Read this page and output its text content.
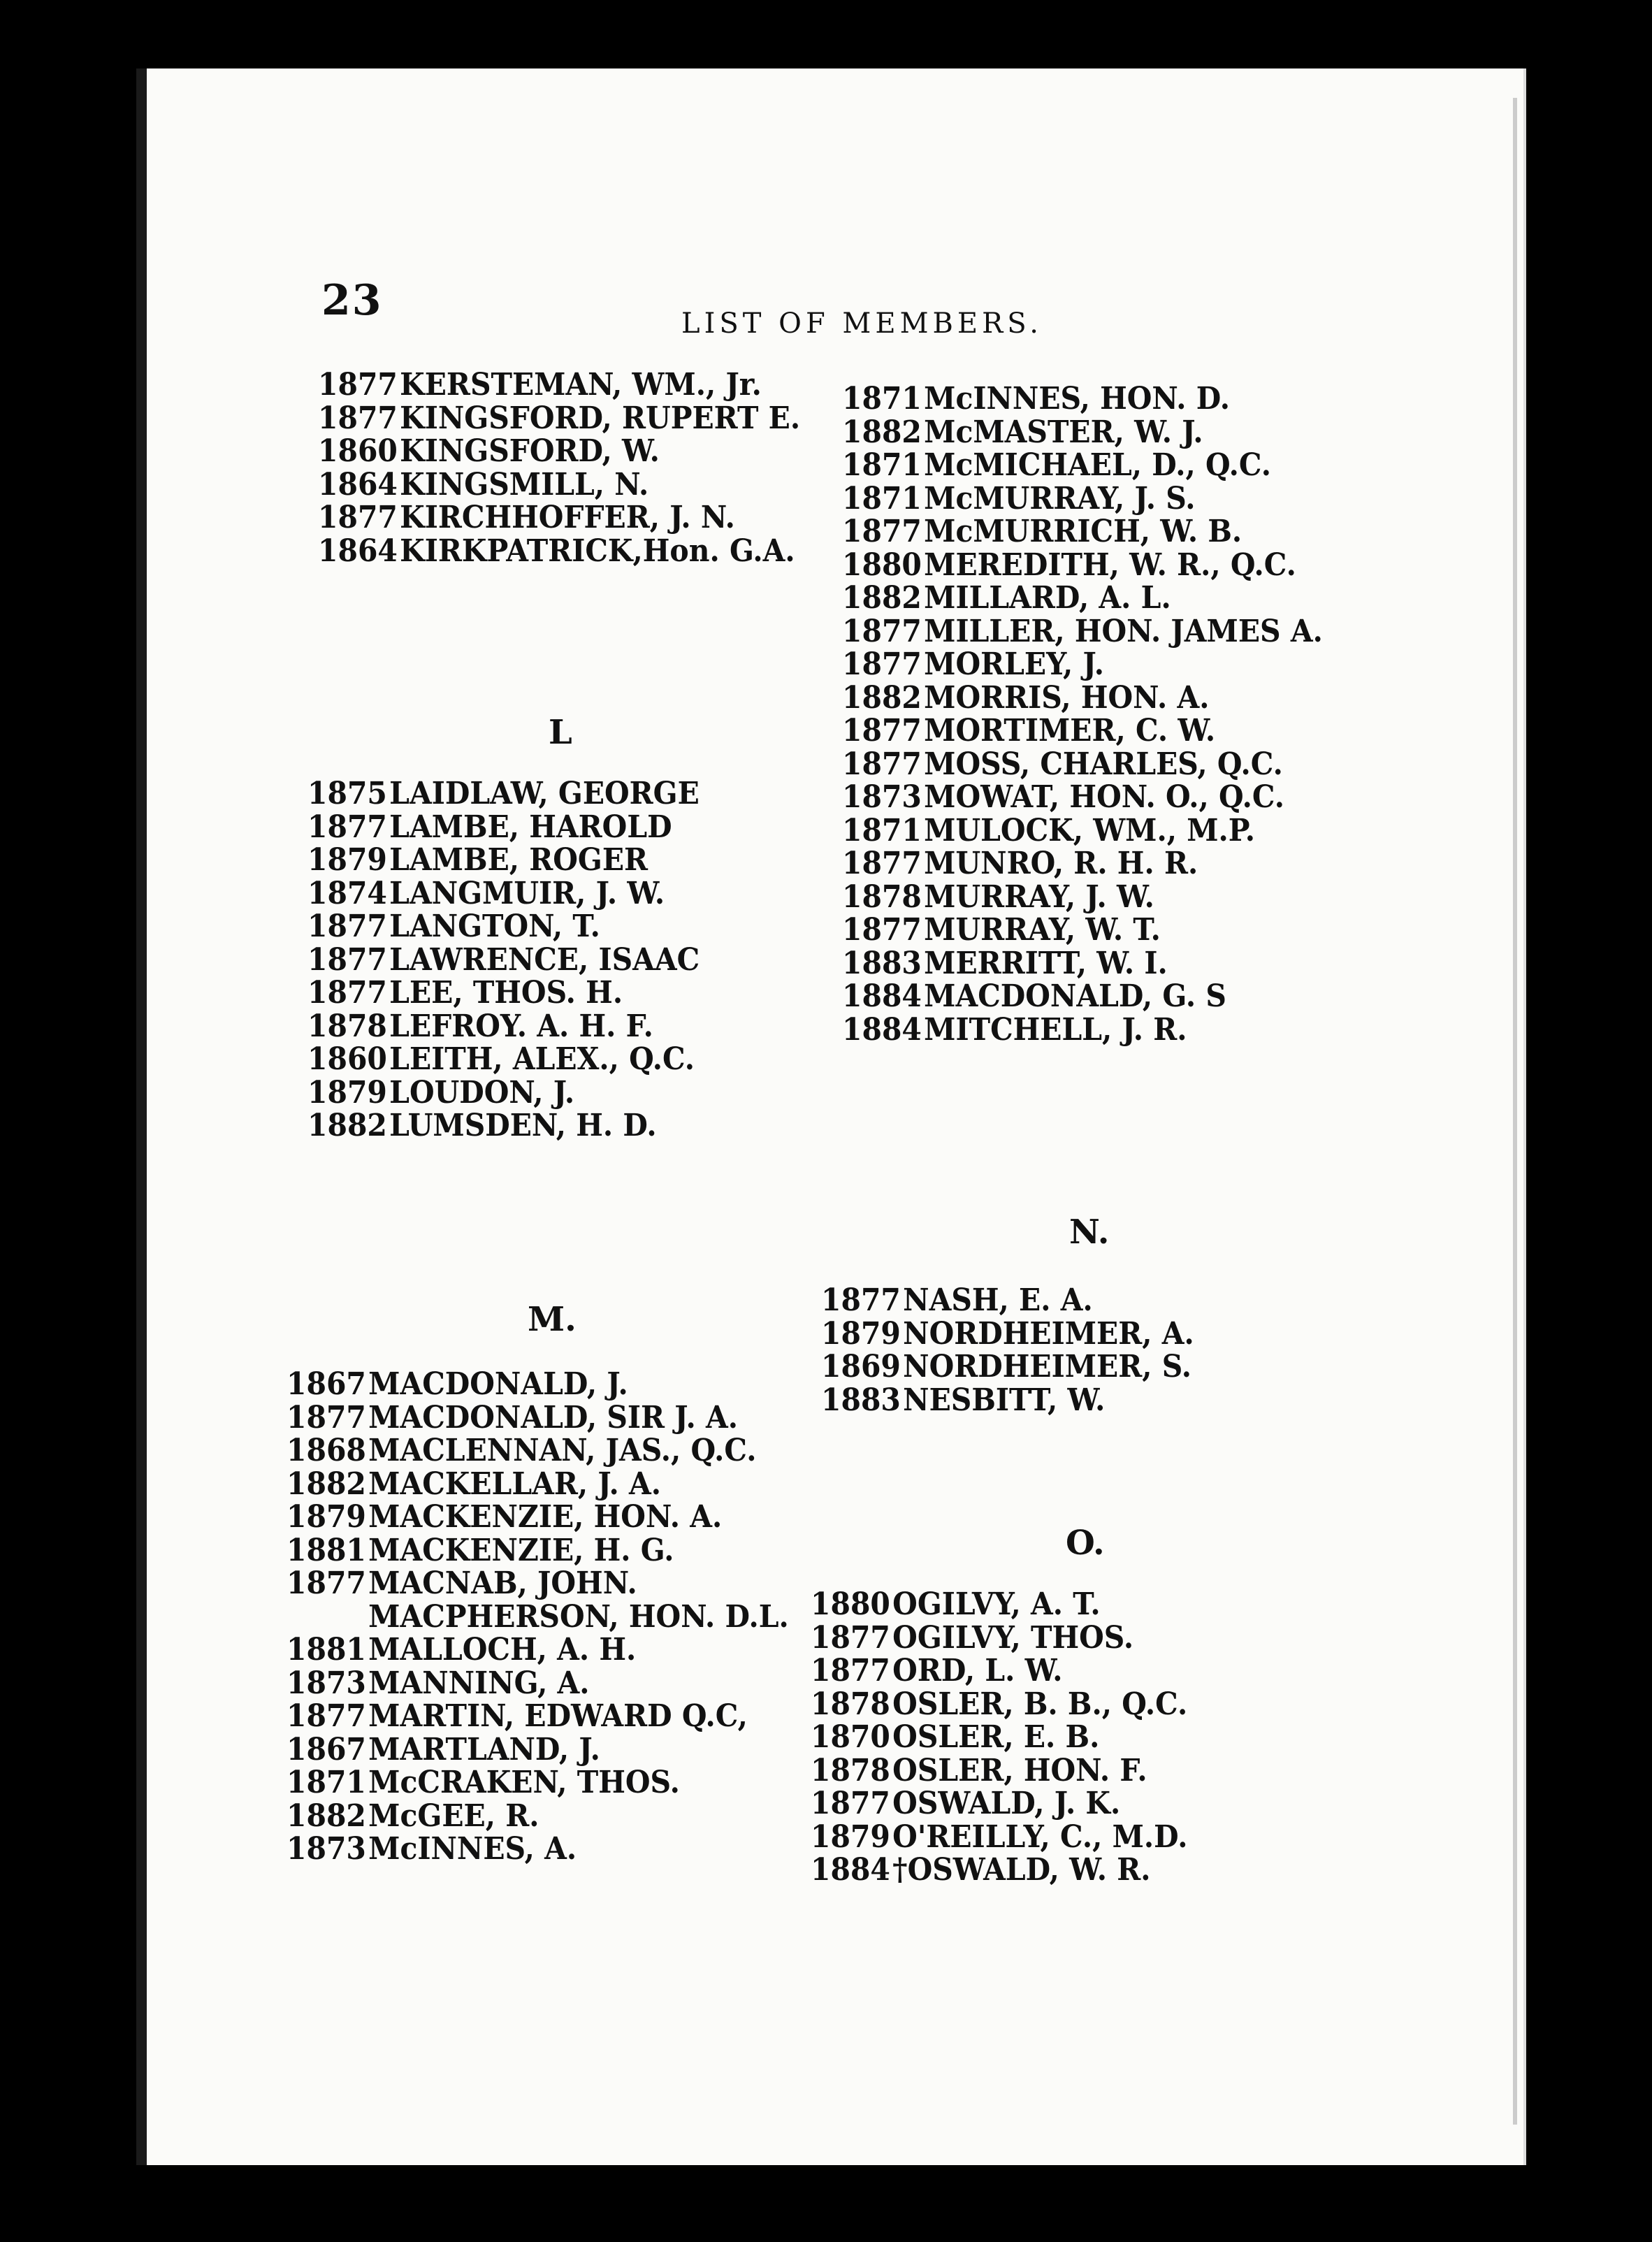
23	LIST OF MEMBERS.
L
N.
M.
O.
1877KERSTEMAN, WM., Jr.
1877KINGSFORD, RUPERT E.
1860KINGSFORD, W.
1864KINGSMILL, N.
1877KIRCHHOFFER, J. N.
1864KIRKPATRICK,Hon. G.A.
1871McINNES, HON. D.
1882McMASTER, W. J.
1871McMICHAEL, D., Q.C.
1871McMURRAY, J. S.
1877McMURRICH, W. B.
1880MEREDITH, W. R., Q.C.
1882MILLARD, A. L.
1877MILLER, HON. JAMES A.
1877MORLEY, J.
1882MORRIS, HON. A.
1877MORTIMER, C. W.
1877MOSS, CHARLES, Q.C.
1873MOWAT, HON. O., Q.C.
1871MULOCK, WM., M.P.
1877MUNRO, R. H. R.
1878MURRAY, J. W.
1877MURRAY, W. T.
1883MERRITT, W. I.
1884MACDONALD, G. S
1884MITCHELL, J. R.
1875LAIDLAW, GEORGE
1877LAMBE, HAROLD
1879LAMBE, ROGER
1874LANGMUIR, J. W.
1877LANGTON, T.
1877LAWRENCE, ISAAC
1877LEE, THOS. H.
1878LEFROY. A. H. F.
1860LEITH, ALEX., Q.C.
1879LOUDON, J.
1882LUMSDEN, H. D.
1877NASH, E. A.
1879NORDHEIMER, A.
1869NORDHEIMER, S.
1883NESBITT, W.
1867MACDONALD, J.
1877MACDONALD, SIR J. A.
1868MACLENNAN, JAS., Q.C.
1882MACKELLAR, J. A.
1879MACKENZIE, HON. A.
1881MACKENZIE, H. G.
1877MACNAB, JOHN.
MACPHERSON, HON. D.L.
1881MALLOCH, A. H.
1873MANNING, A.
1877MARTIN, EDWARD Q.C,
1867MARTLAND, J.
1871McCRAKEN, THOS.
1882McGEE, R.
1873McINNES, A.
1880OGILVY, A. T.
1877OGILVY, THOS.
1877ORD, L. W.
1878OSLER, B. B., Q.C.
1870OSLER, E. B.
1878OSLER, HON. F.
1877OSWALD, J. K.
1879O'REILLY, C., M.D.
1884†OSWALD, W. R.
